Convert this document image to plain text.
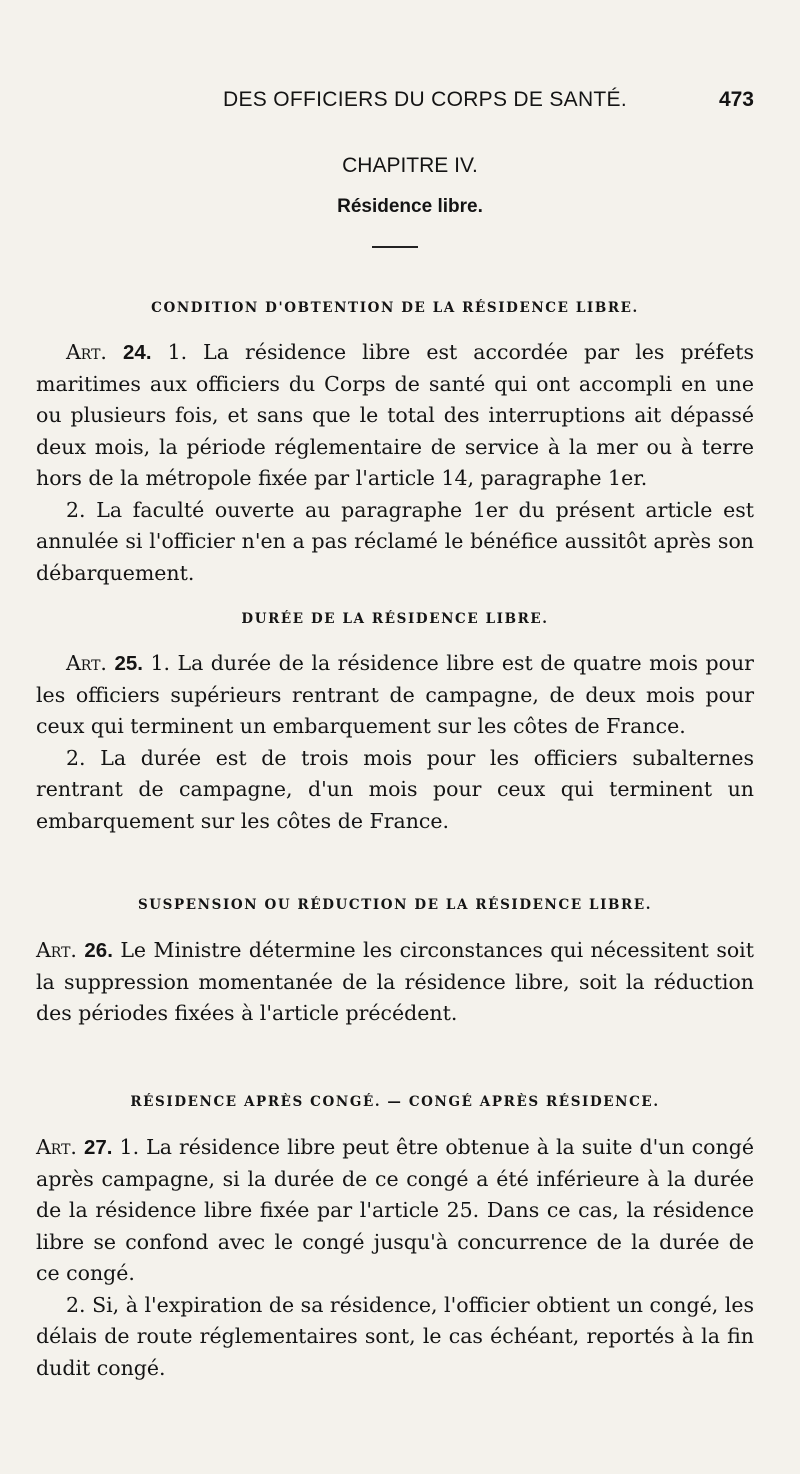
DES OFFICIERS DU CORPS DE SANTÉ.	473
CHAPITRE IV.
Résidence libre.

CONDITION D'OBTENTION DE LA RÉSIDENCE LIBRE.

Art. 24. 1. La résidence libre est accordée par les préfets maritimes aux officiers du Corps de santé qui ont accompli en une ou plusieurs fois, et sans que le total des interruptions ait dépassé deux mois, la période réglementaire de service à la mer ou à terre hors de la métropole fixée par l'article 14, paragraphe 1er.

2. La faculté ouverte au paragraphe 1er du présent article est annulée si l'officier n'en a pas réclamé le bénéfice aussitôt après son débarquement.

DURÉE DE LA RÉSIDENCE LIBRE.

Art. 25. 1. La durée de la résidence libre est de quatre mois pour les officiers supérieurs rentrant de campagne, de deux mois pour ceux qui terminent un embarquement sur les côtes de France.

2. La durée est de trois mois pour les officiers subalternes rentrant de campagne, d'un mois pour ceux qui terminent un embarquement sur les côtes de France.

SUSPENSION OU RÉDUCTION DE LA RÉSIDENCE LIBRE.

Art. 26. Le Ministre détermine les circonstances qui nécessitent soit la suppression momentanée de la résidence libre, soit la réduction des périodes fixées à l'article précédent.

RÉSIDENCE APRÈS CONGÉ. — CONGÉ APRÈS RÉSIDENCE.

Art. 27. 1. La résidence libre peut être obtenue à la suite d'un congé après campagne, si la durée de ce congé a été inférieure à la durée de la résidence libre fixée par l'article 25. Dans ce cas, la résidence libre se confond avec le congé jusqu'à concurrence de la durée de ce congé.

2. Si, à l'expiration de sa résidence, l'officier obtient un congé, les délais de route réglementaires sont, le cas échéant, reportés à la fin dudit congé.
